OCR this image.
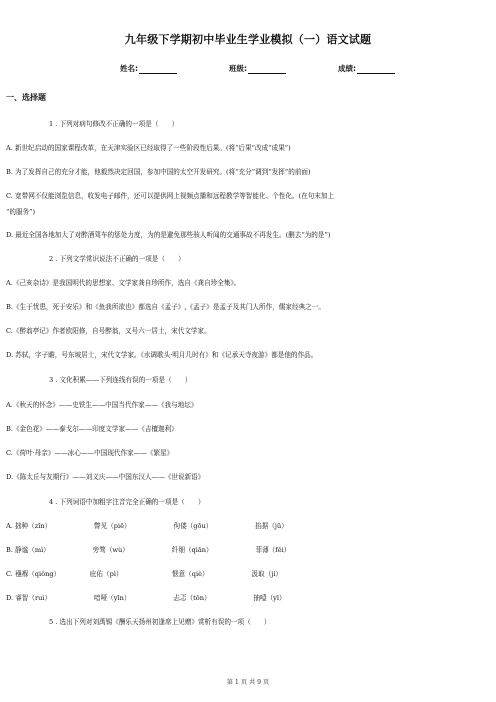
九年级下学期初中毕业生学业模拟（一）语文试题
姓名:	班级:	成绩:
一、选择题
1 . 下列对病句修改不正确的一项是（　　）
A. 新世纪启动的国家课程改革，在天津实验区已经取得了一些阶段性后果。(将“后果”改成“成果”)
B. 为了发挥自己的充分才能，他毅然决定回国，参加中国的太空开发研究。(将“充分”调到“发挥”的前面)
C. 宽带网不仅能浏览信息，收发电子邮件，还可以提供网上视频点播和远程教学等智能化、个性化。(在句末加上
“的服务”)
D. 最近全国各地加大了对醉酒驾车的惩处力度，为的是避免那些骇人听闻的交通事故不再发生。(删去“为的是”)
2 . 下列文学常识说法不正确的一项是（　　）
A.《己亥杂诗》是我国明代的思想家、文学家龚自珍所作，选自《龚自珍全集》。
B.《生于忧患，死于安乐》和《鱼我所欲也》都选自《孟子》,《孟子》是孟子及其门人所作，儒家经典之一。
C.《醉翁亭记》作者欧阳修，自号醉翁，又号六一居士，宋代文学家。
D. 苏轼，字子瞻，号东坡居士，宋代文学家。《水调歌头·明月几时有》和《记承天寺夜游》都是他的作品。
3 . 文化积累——下列连线有误的一项是（　　）
A.《秋天的怀念》——史铁生——中国当代作家——《我与地坛》
B.《金色花》——泰戈尔——印度文学家——《吉檀迦利》
C.《荷叶·母亲》——冰心——中国现代作家——《繁星》
D.《陈太丘与友期行》——刘义庆——中国东汉人——《世说新语》
4 . 下列词语中加粗字注音完全正确的一项是（　　）
A. 拙种（zǐn）　　　　　　　瞥见（piē）　　　　　　　佝偻（gōu）　　　　　　　掐据（jū）
B. 静谧（mì）　　　　　　　旁骛（wù）　　　　　　　纤细（qiān）　　　　　　　菲薄（fěi）
C. 襁褓（qiǒng）　　　　　庇佑（pì）　　　　　　　　惬意（qiè）　　　　　　　汲取（jí）
D. 睿智（ruì）　　　　　　　喑哑（yīn）　　　　　　　忐忑（tǒn）　　　　　　　抽噎（yī）
5 . 选出下列对刘禹锡《酬乐天扬州初逢席上见赠》赏析有误的一项（　　）
第 1 页 共 9 页
